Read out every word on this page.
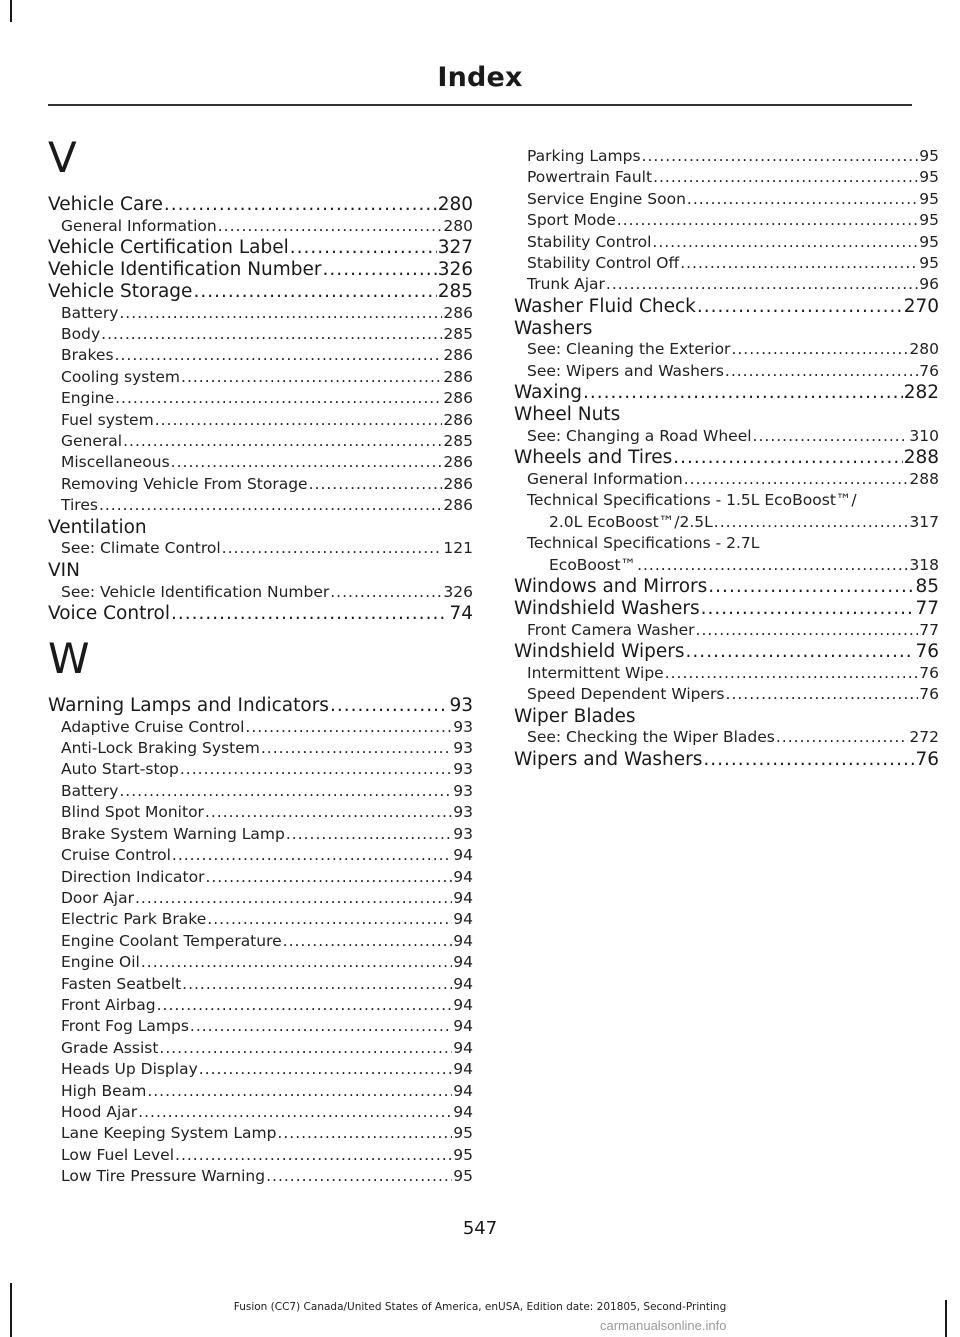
Index
V
Vehicle Care .....	280
General Information .....	280
Vehicle Certification Label .....	327
Vehicle Identification Number .....	326
Vehicle Storage .....	285
Battery .....	286
Body .....	285
Brakes .....	286
Cooling system .....	286
Engine .....	286
Fuel system .....	286
General .....	285
Miscellaneous .....	286
Removing Vehicle From Storage .....	286
Tires .....	286
Ventilation
See: Climate Control .....	121
VIN
See: Vehicle Identification Number .....	326
Voice Control .....	74
W
Warning Lamps and Indicators .....	93
Adaptive Cruise Control .....	93
Anti-Lock Braking System .....	93
Auto Start-stop .....	93
Battery .....	93
Blind Spot Monitor .....	93
Brake System Warning Lamp .....	93
Cruise Control .....	94
Direction Indicator .....	94
Door Ajar .....	94
Electric Park Brake .....	94
Engine Coolant Temperature .....	94
Engine Oil .....	94
Fasten Seatbelt .....	94
Front Airbag .....	94
Front Fog Lamps .....	94
Grade Assist .....	94
Heads Up Display .....	94
High Beam .....	94
Hood Ajar .....	94
Lane Keeping System Lamp .....	95
Low Fuel Level .....	95
Low Tire Pressure Warning .....	95
Parking Lamps .....	95
Powertrain Fault .....	95
Service Engine Soon .....	95
Sport Mode .....	95
Stability Control .....	95
Stability Control Off .....	95
Trunk Ajar .....	96
Washer Fluid Check .....	270
Washers
See: Cleaning the Exterior .....	280
See: Wipers and Washers .....	76
Waxing .....	282
Wheel Nuts
See: Changing a Road Wheel .....	310
Wheels and Tires .....	288
General Information .....	288
Technical Specifications - 1.5L EcoBoost™/
2.0L EcoBoost™/2.5L .....	317
Technical Specifications - 2.7L
EcoBoost™ .....	318
Windows and Mirrors .....	85
Windshield Washers .....	77
Front Camera Washer .....	77
Windshield Wipers .....	76
Intermittent Wipe .....	76
Speed Dependent Wipers .....	76
Wiper Blades
See: Checking the Wiper Blades .....	272
Wipers and Washers .....	76
547
Fusion (CC7) Canada/United States of America, enUSA, Edition date: 201805, Second-Printing
carmanualsonline.info
